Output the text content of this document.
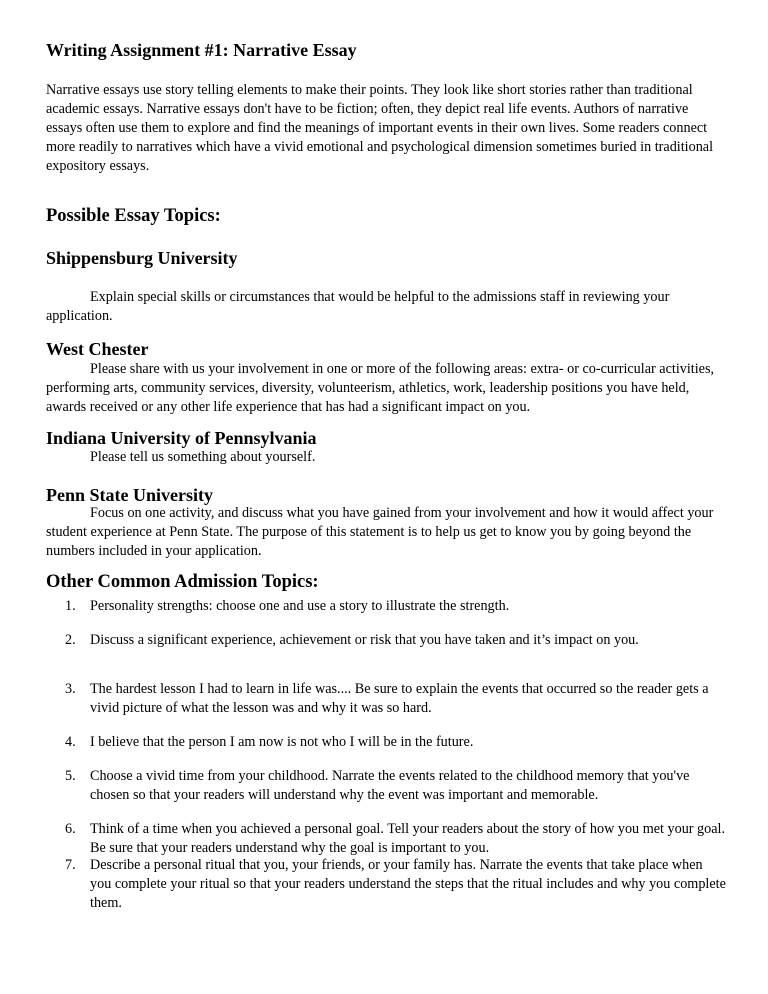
Writing Assignment #1: Narrative Essay

Narrative essays use story telling elements to make their points. They look like short stories rather than traditional academic essays. Narrative essays don't have to be fiction; often, they depict real life events. Authors of narrative essays often use them to explore and find the meanings of important events in their own lives. Some readers connect more readily to narratives which have a vivid emotional and psychological dimension sometimes buried in traditional expository essays.

Possible Essay Topics:
Shippensburg University

Explain special skills or circumstances that would be helpful to the admissions staff in reviewing your application.

West Chester

Please share with us your involvement in one or more of the following areas: extra- or co-curricular activities, performing arts, community services, diversity, volunteerism, athletics, work, leadership positions you have held, awards received or any other life experience that has had a significant impact on you.

Indiana University of Pennsylvania

Please tell us something about yourself.

Penn State University

Focus on one activity, and discuss what you have gained from your involvement and how it would affect your student experience at Penn State. The purpose of this statement is to help us get to know you by going beyond the numbers included in your application.

Other Common Admission Topics:
1.	Personality strengths: choose one and use a story to illustrate the strength.
2.	Discuss a significant experience, achievement or risk that you have taken and it’s impact on you.
3.	The hardest lesson I had to learn in life was.... Be sure to explain the events that occurred so the reader gets a vivid picture of what the lesson was and why it was so hard.
4.	I believe that the person I am now is not who I will be in the future.
5.	Choose a vivid time from your childhood. Narrate the events related to the childhood memory that you've chosen so that your readers will understand why the event was important and memorable.
6.	Think of a time when you achieved a personal goal. Tell your readers about the story of how you met your goal. Be sure that your readers understand why the goal is important to you.
7.	Describe a personal ritual that you, your friends, or your family has. Narrate the events that take place when you complete your ritual so that your readers understand the steps that the ritual includes and why you complete them.
